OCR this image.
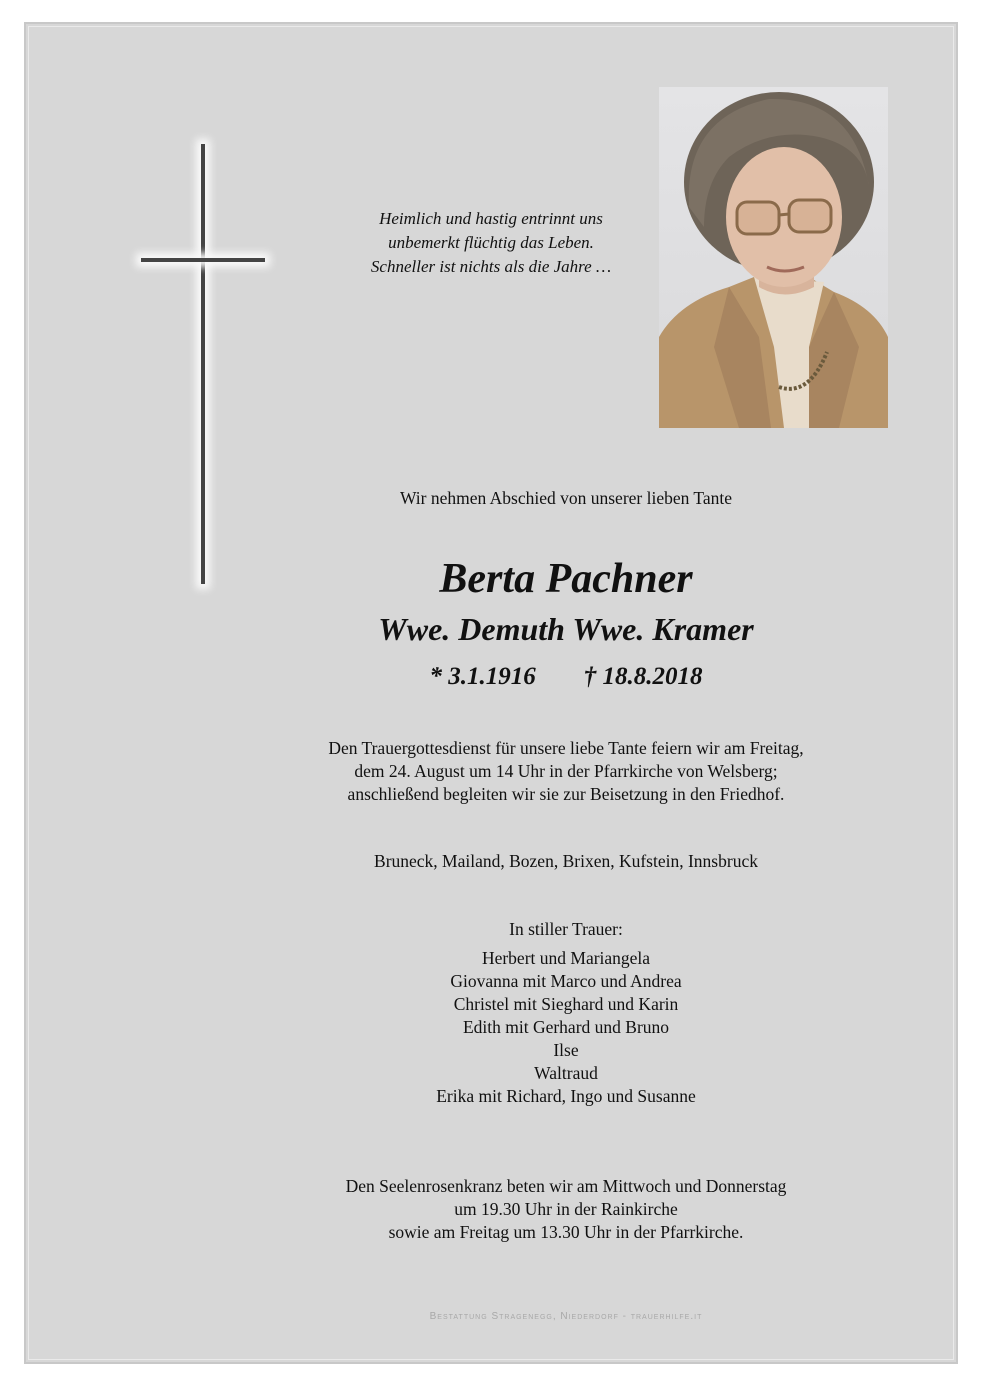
Heimlich und hastig entrinnt uns
unbemerkt flüchtig das Leben.
Schneller ist nichts als die Jahre …
Wir nehmen Abschied von unserer lieben Tante
Berta Pachner
Wwe. Demuth Wwe. Kramer
* 3.1.1916 † 18.8.2018
Den Trauergottesdienst für unsere liebe Tante feiern wir am Freitag,
dem 24. August um 14 Uhr in der Pfarrkirche von Welsberg;
anschließend begleiten wir sie zur Beisetzung in den Friedhof.
Bruneck, Mailand, Bozen, Brixen, Kufstein, Innsbruck
In stiller Trauer:
Herbert und Mariangela
Giovanna mit Marco und Andrea
Christel mit Sieghard und Karin
Edith mit Gerhard und Bruno
Ilse
Waltraud
Erika mit Richard, Ingo und Susanne
Den Seelenrosenkranz beten wir am Mittwoch und Donnerstag
um 19.30 Uhr in der Rainkirche
sowie am Freitag um 13.30 Uhr in der Pfarrkirche.
Bestattung Stragenegg, Niederdorf - trauerhilfe.it
